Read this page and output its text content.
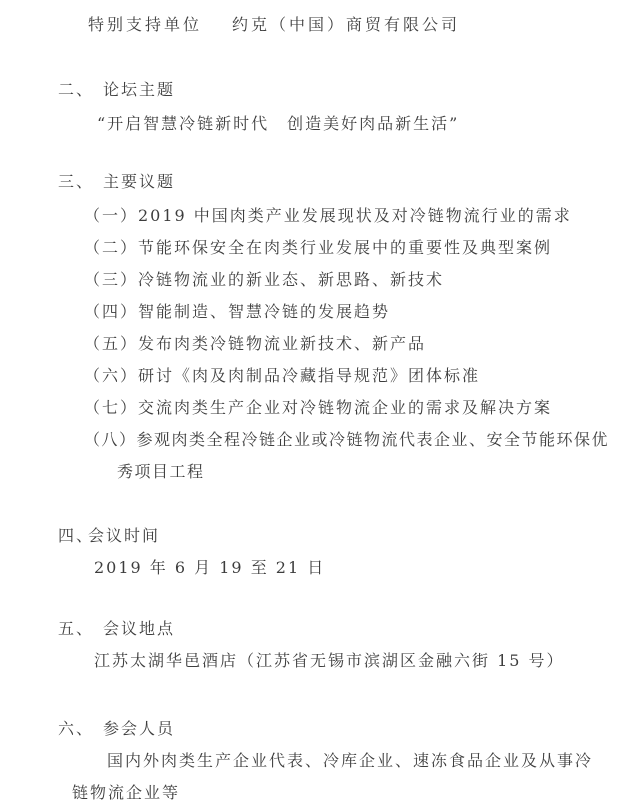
特别支持单位 约克（中国）商贸有限公司
二、 论坛主题
“开启智慧冷链新时代　创造美好肉品新生活”
三、 主要议题
（一）2019 中国肉类产业发展现状及对冷链物流行业的需求
（二）节能环保安全在肉类行业发展中的重要性及典型案例
（三）冷链物流业的新业态、新思路、新技术
（四）智能制造、智慧冷链的发展趋势
（五）发布肉类冷链物流业新技术、新产品
（六）研讨《肉及肉制品冷藏指导规范》团体标准
（七）交流肉类生产企业对冷链物流企业的需求及解决方案
（八）参观肉类全程冷链企业或冷链物流代表企业、安全节能环保优秀项目工程
四、会议时间
2019 年 6 月 19 至 21 日
五、 会议地点
江苏太湖华邑酒店（江苏省无锡市滨湖区金融六街 15 号）
六、 参会人员
国内外肉类生产企业代表、冷库企业、速冻食品企业及从事冷链物流企业等
